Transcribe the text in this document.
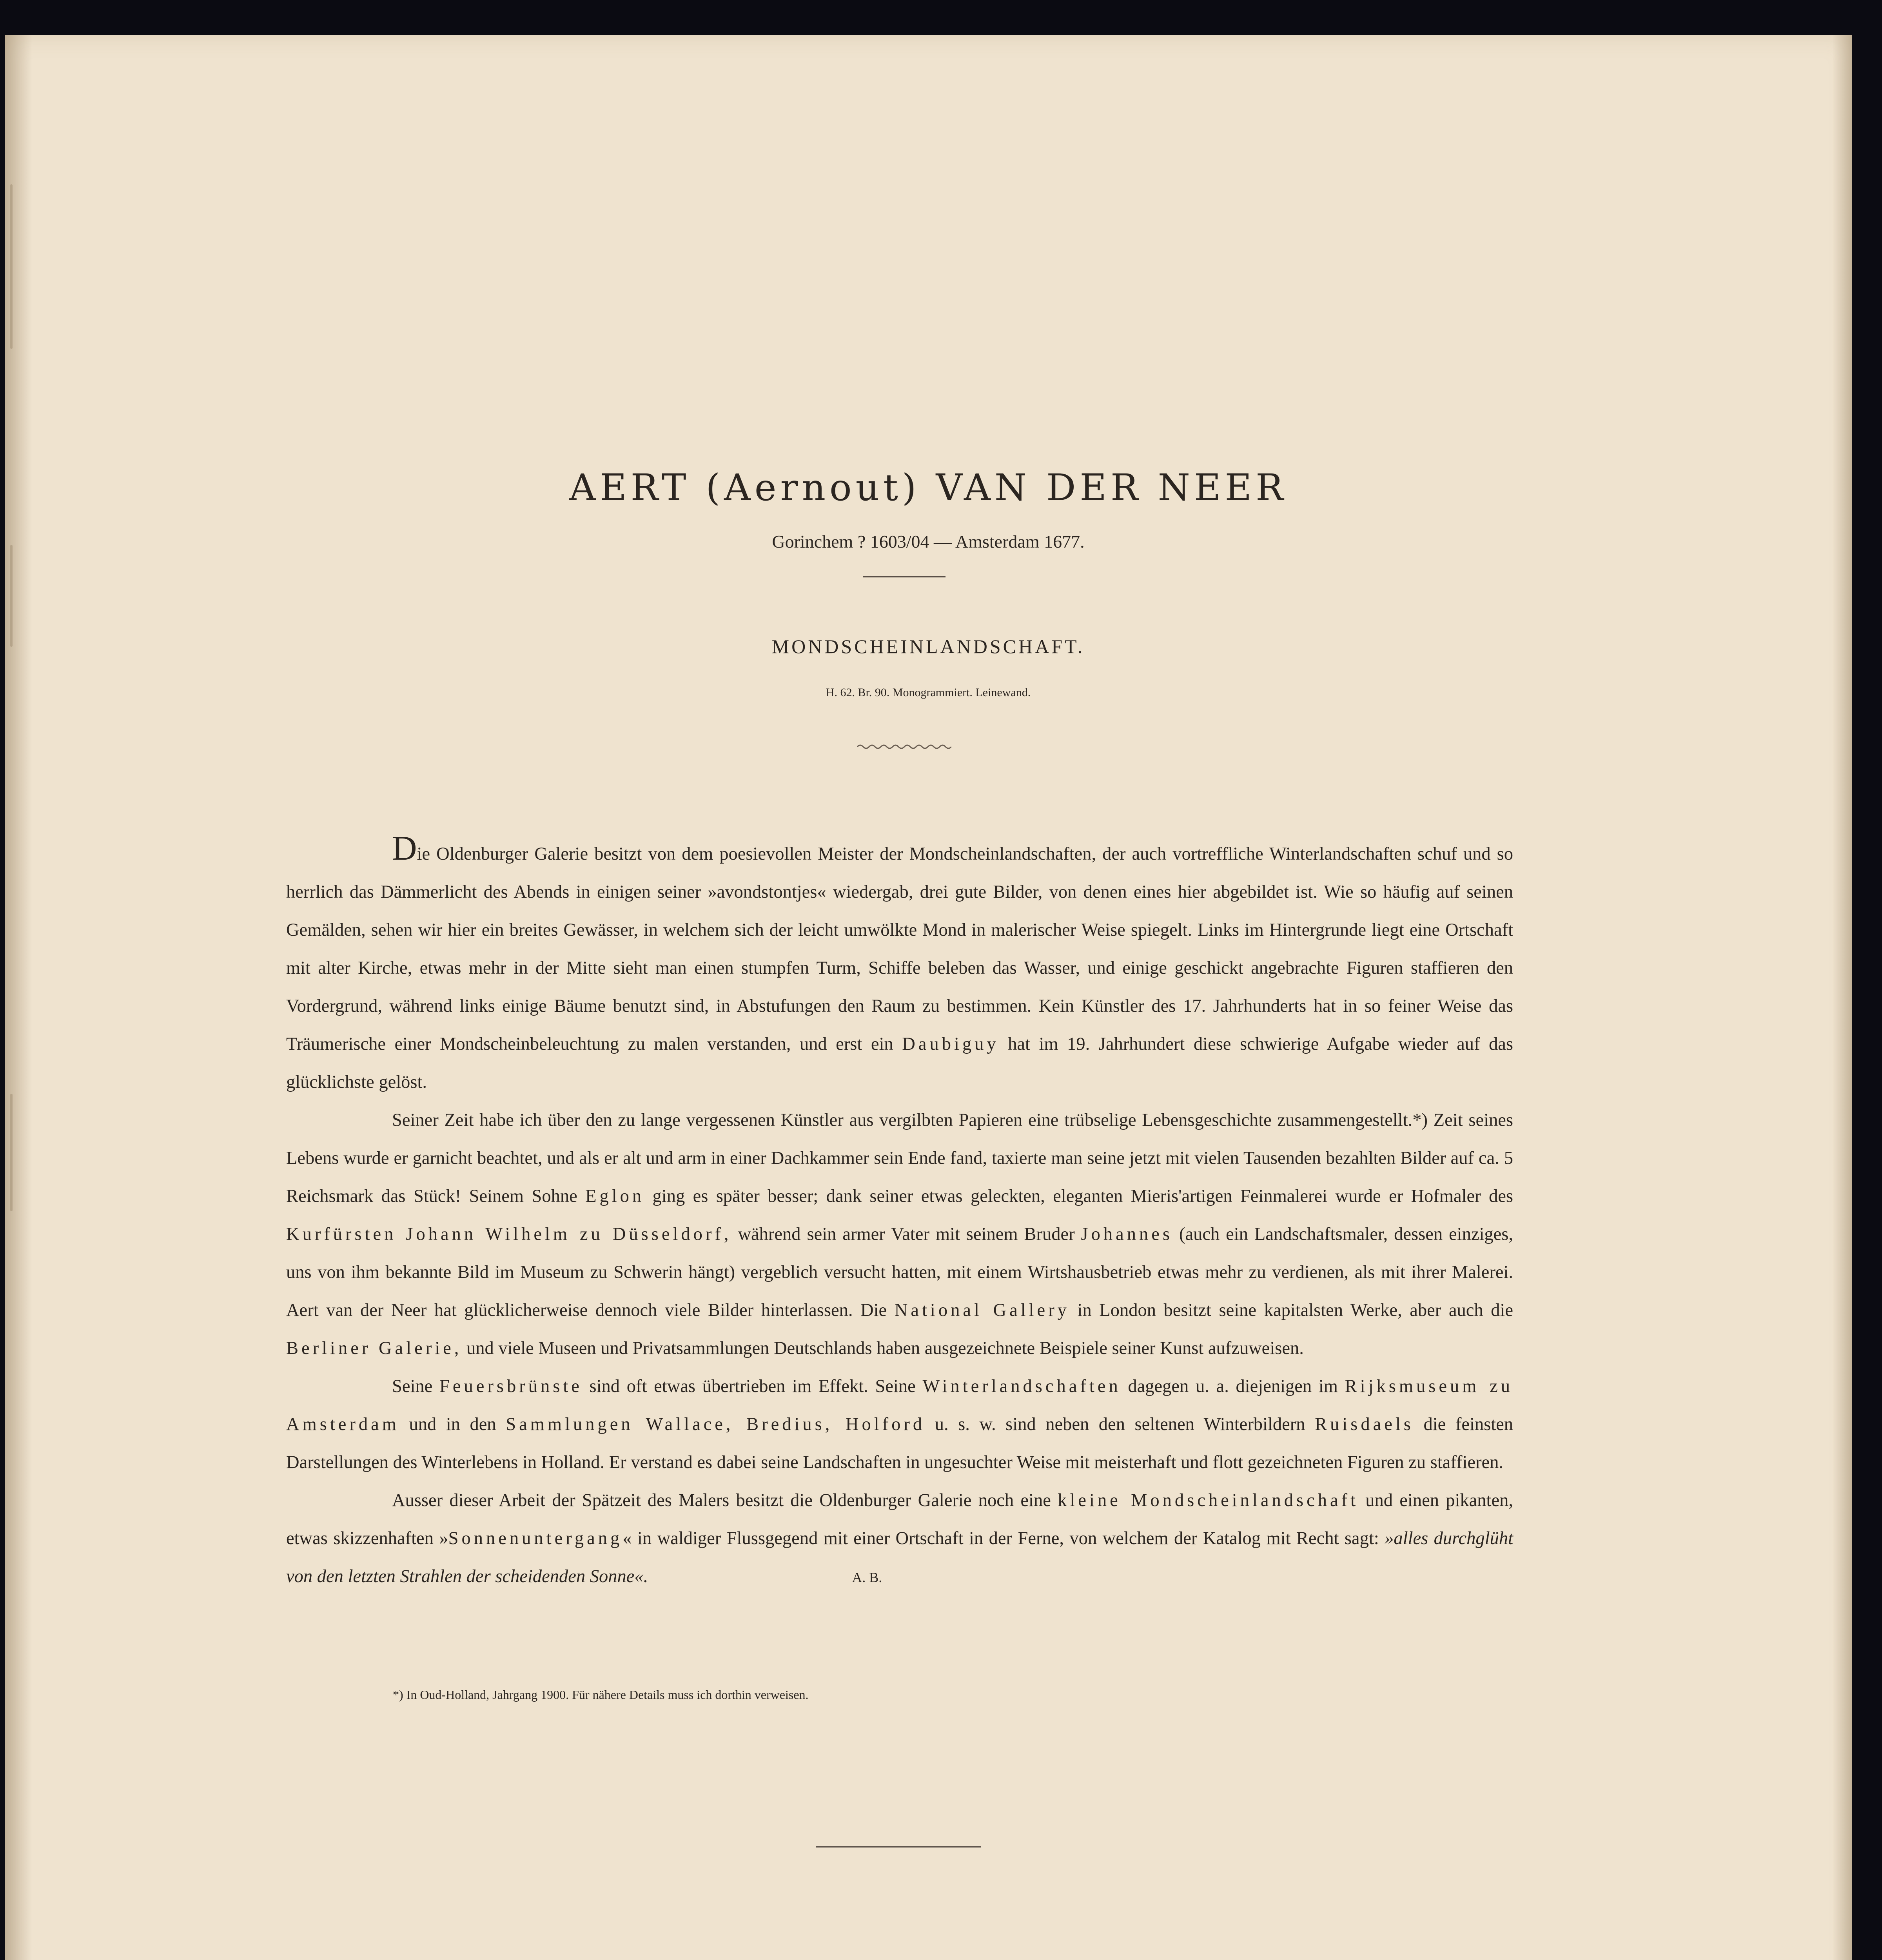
AERT (Aernout) VAN DER NEER
Gorinchem ? 1603/04 — Amsterdam 1677.
MONDSCHEINLANDSCHAFT.
H. 62. Br. 90. Monogrammiert. Leinewand.

Die Oldenburger Galerie besitzt von dem poesievollen Meister der Mondscheinlandschaften, der auch vortreffliche Winterlandschaften schuf und so herrlich das Dämmerlicht des Abends in einigen seiner »avondstontjes« wiedergab, drei gute Bilder, von denen eines hier abgebildet ist. Wie so häufig auf seinen Gemälden, sehen wir hier ein breites Gewässer, in welchem sich der leicht umwölkte Mond in malerischer Weise spiegelt. Links im Hintergrunde liegt eine Ortschaft mit alter Kirche, etwas mehr in der Mitte sieht man einen stumpfen Turm, Schiffe beleben das Wasser, und einige geschickt angebrachte Figuren staffieren den Vordergrund, während links einige Bäume benutzt sind, in Abstufungen den Raum zu bestimmen. Kein Künstler des 17. Jahrhunderts hat in so feiner Weise das Träumerische einer Mondscheinbeleuchtung zu malen verstanden, und erst ein Daubiguy hat im 19. Jahrhundert diese schwierige Aufgabe wieder auf das glücklichste gelöst.

Seiner Zeit habe ich über den zu lange vergessenen Künstler aus vergilbten Papieren eine trübselige Lebensgeschichte zusammengestellt.*) Zeit seines Lebens wurde er garnicht beachtet, und als er alt und arm in einer Dachkammer sein Ende fand, taxierte man seine jetzt mit vielen Tausenden bezahlten Bilder auf ca. 5 Reichsmark das Stück! Seinem Sohne Eglon ging es später besser; dank seiner etwas geleckten, eleganten Mieris'artigen Feinmalerei wurde er Hofmaler des Kurfürsten Johann Wilhelm zu Düsseldorf, während sein armer Vater mit seinem Bruder Johannes (auch ein Landschaftsmaler, dessen einziges, uns von ihm bekannte Bild im Museum zu Schwerin hängt) vergeblich versucht hatten, mit einem Wirtshausbetrieb etwas mehr zu verdienen, als mit ihrer Malerei. Aert van der Neer hat glücklicherweise dennoch viele Bilder hinterlassen. Die National Gallery in London besitzt seine kapitalsten Werke, aber auch die Berliner Galerie, und viele Museen und Privatsammlungen Deutschlands haben ausgezeichnete Beispiele seiner Kunst aufzuweisen.

Seine Feuersbrünste sind oft etwas übertrieben im Effekt. Seine Winterlandschaften dagegen u. a. diejenigen im Rijksmuseum zu Amsterdam und in den Sammlungen Wallace, Bredius, Holford u. s. w. sind neben den seltenen Winterbildern Ruisdaels die feinsten Darstellungen des Winterlebens in Holland. Er verstand es dabei seine Landschaften in ungesuchter Weise mit meisterhaft und flott gezeichneten Figuren zu staffieren.

Ausser dieser Arbeit der Spätzeit des Malers besitzt die Oldenburger Galerie noch eine kleine Mondscheinlandschaft und einen pikanten, etwas skizzenhaften »Sonnenuntergang« in waldiger Flussgegend mit einer Ortschaft in der Ferne, von welchem der Katalog mit Recht sagt: »alles durchglüht von den letzten Strahlen der scheidenden Sonne«.	A. B.

*) In Oud-Holland, Jahrgang 1900. Für nähere Details muss ich dorthin verweisen.
